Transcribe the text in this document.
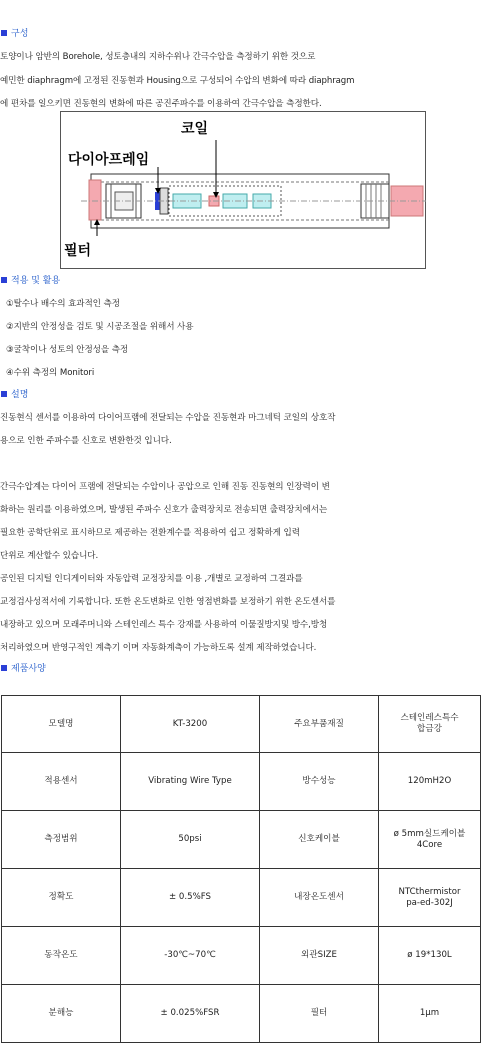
구성
토양이나 암반의 Borehole, 성토층내의 지하수위나 간극수압을 측정하기 위한 것으로
예민한 diaphragm에 고정된 진동현과 Housing으로 구성되어 수압의 변화에 따라 diaphragm
에 편차를 일으키면 진동현의 변화에 따른 공진주파수를 이용하여 간극수압을 측정한다.
코일
다이아프레임
필터
적용 및 활용
①탈수나 배수의 효과적인 측정
②지반의 안정성을 검토 및 시공조절을 위해서 사용
③굴착이나 성토의 안정성을 측정
④수위 측정의 Monitori
설명
진동현식 센서를 이용하여 다이어프램에 전달되는 수압을 진동현과 마그네틱 코일의 상호작
용으로 인한 주파수를 신호로 변환한것 입니다.
간극수압계는 다이어 프램에 전달되는 수압이나 공압으로 인해 진동 진동현의 인장력이 변
화하는 원리를 이용하였으며, 발생된 주파수 신호가 출력장치로 전송되면 출력장치에서는
필요한 공학단위로 표시하므로 제공하는 전환계수를 적용하여 쉽고 정확하게 입력
단위로 계산할수 있습니다.
공인된 디지털 인디게이터와 자동압력 교정장치를 이용 ,개별로 교정하여 그결과를
교정검사성적서에 기록합니다. 또한 온도변화로 인한 영점변화를 보정하기 위한 온도센서를
내장하고 있으며 모래주머니와 스테인레스 특수 강재를 사용하여 이물질방지및 방수,방청
처리하였으며 반영구적인 계측기 이며 자동화계측이 가능하도록 설계 제작하였습니다.
제품사양
모델명	KT-3200	주요부품재질	스테인레스특수
합금강
적용센서	Vibrating Wire Type	방수성능	120mH2O
측정범위	50psi	신호케이블	ø 5mm실드케이블
4Core
정확도	± 0.5%FS	내장온도센서	NTCthermistor
pa-ed-302J
동작온도	-30℃~70℃	외관SIZE	ø 19*130L
분해능	± 0.025%FSR	필터	1μm
